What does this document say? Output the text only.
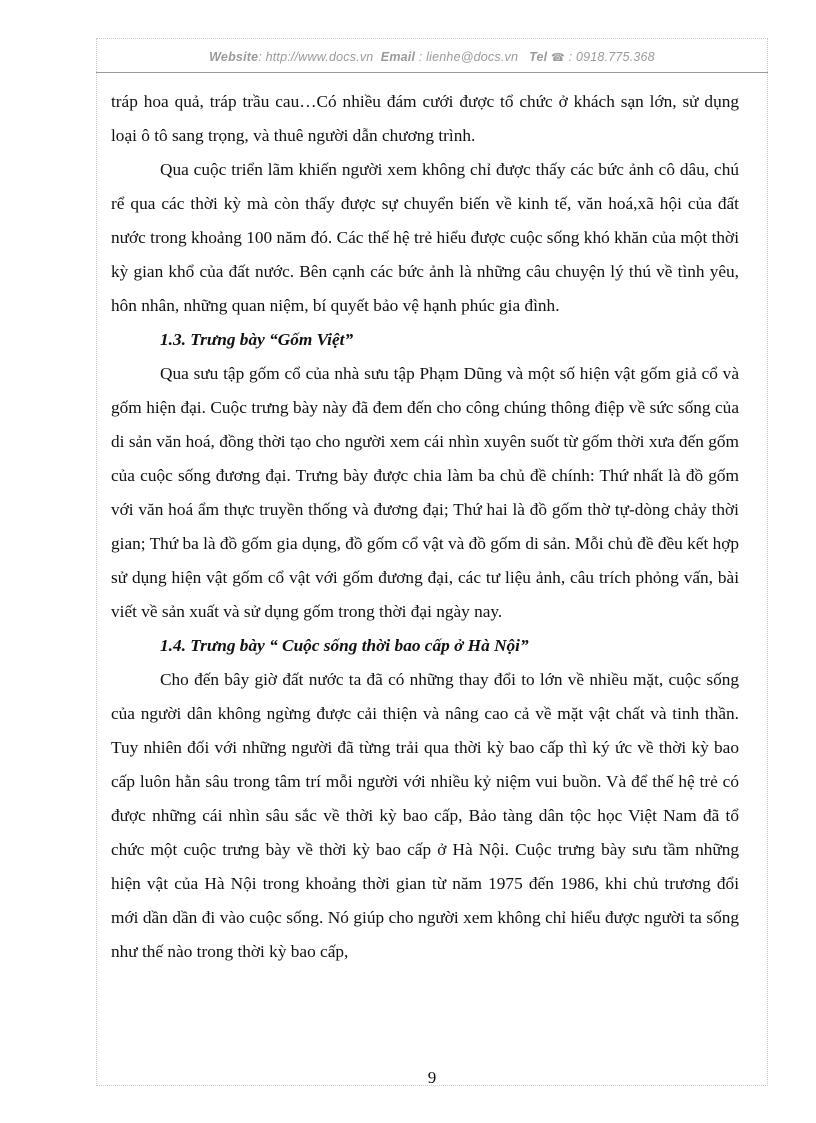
Website: http://www.docs.vn Email : lienhe@docs.vn Tel ☎ : 0918.775.368

tráp hoa quả, tráp trầu cau…Có nhiều đám cưới được tổ chức ở khách sạn lớn, sử dụng loại ô tô sang trọng, và thuê người dẫn chương trình.

Qua cuộc triển lãm khiến người xem không chỉ được thấy các bức ảnh cô dâu, chú rể qua các thời kỳ mà còn thấy được sự chuyển biến về kinh tế, văn hoá,xã hội của đất nước trong khoảng 100 năm đó. Các thế hệ trẻ hiểu được cuộc sống khó khăn của một thời kỳ gian khổ của đất nước. Bên cạnh các bức ảnh là những câu chuyện lý thú về tình yêu, hôn nhân, những quan niệm, bí quyết bảo vệ hạnh phúc gia đình.

1.3. Trưng bày “Gốm Việt”

Qua sưu tập gốm cổ của nhà sưu tập Phạm Dũng và một số hiện vật gốm giả cổ và gốm hiện đại. Cuộc trưng bày này đã đem đến cho công chúng thông điệp về sức sống của di sản văn hoá, đồng thời tạo cho người xem cái nhìn xuyên suốt từ gốm thời xưa đến gốm của cuộc sống đương đại. Trưng bày được chia làm ba chủ đề chính: Thứ nhất là đồ gốm với văn hoá ẩm thực truyền thống và đương đại; Thứ hai là đồ gốm thờ tự-dòng chảy thời gian; Thứ ba là đồ gốm gia dụng, đồ gốm cổ vật và đồ gốm di sản. Mỗi chủ đề đều kết hợp sử dụng hiện vật gốm cổ vật với gốm đương đại, các tư liệu ảnh, câu trích phỏng vấn, bài viết về sản xuất và sử dụng gốm trong thời đại ngày nay.

1.4. Trưng bày “ Cuộc sống thời bao cấp ở Hà Nội”

Cho đến bây giờ đất nước ta đã có những thay đổi to lớn về nhiều mặt, cuộc sống của người dân không ngừng được cải thiện và nâng cao cả về mặt vật chất và tinh thần. Tuy nhiên đối với những người đã từng trải qua thời kỳ bao cấp thì ký ức về thời kỳ bao cấp luôn hằn sâu trong tâm trí mỗi người với nhiều kỷ niệm vui buồn. Và để thế hệ trẻ có được những cái nhìn sâu sắc về thời kỳ bao cấp, Bảo tàng dân tộc học Việt Nam đã tổ chức một cuộc trưng bày về thời kỳ bao cấp ở Hà Nội. Cuộc trưng bày sưu tầm những hiện vật của Hà Nội trong khoảng thời gian từ năm 1975 đến 1986, khi chủ trương đổi mới dần dần đi vào cuộc sống. Nó giúp cho người xem không chỉ hiểu được người ta sống như thế nào trong thời kỳ bao cấp,

9
